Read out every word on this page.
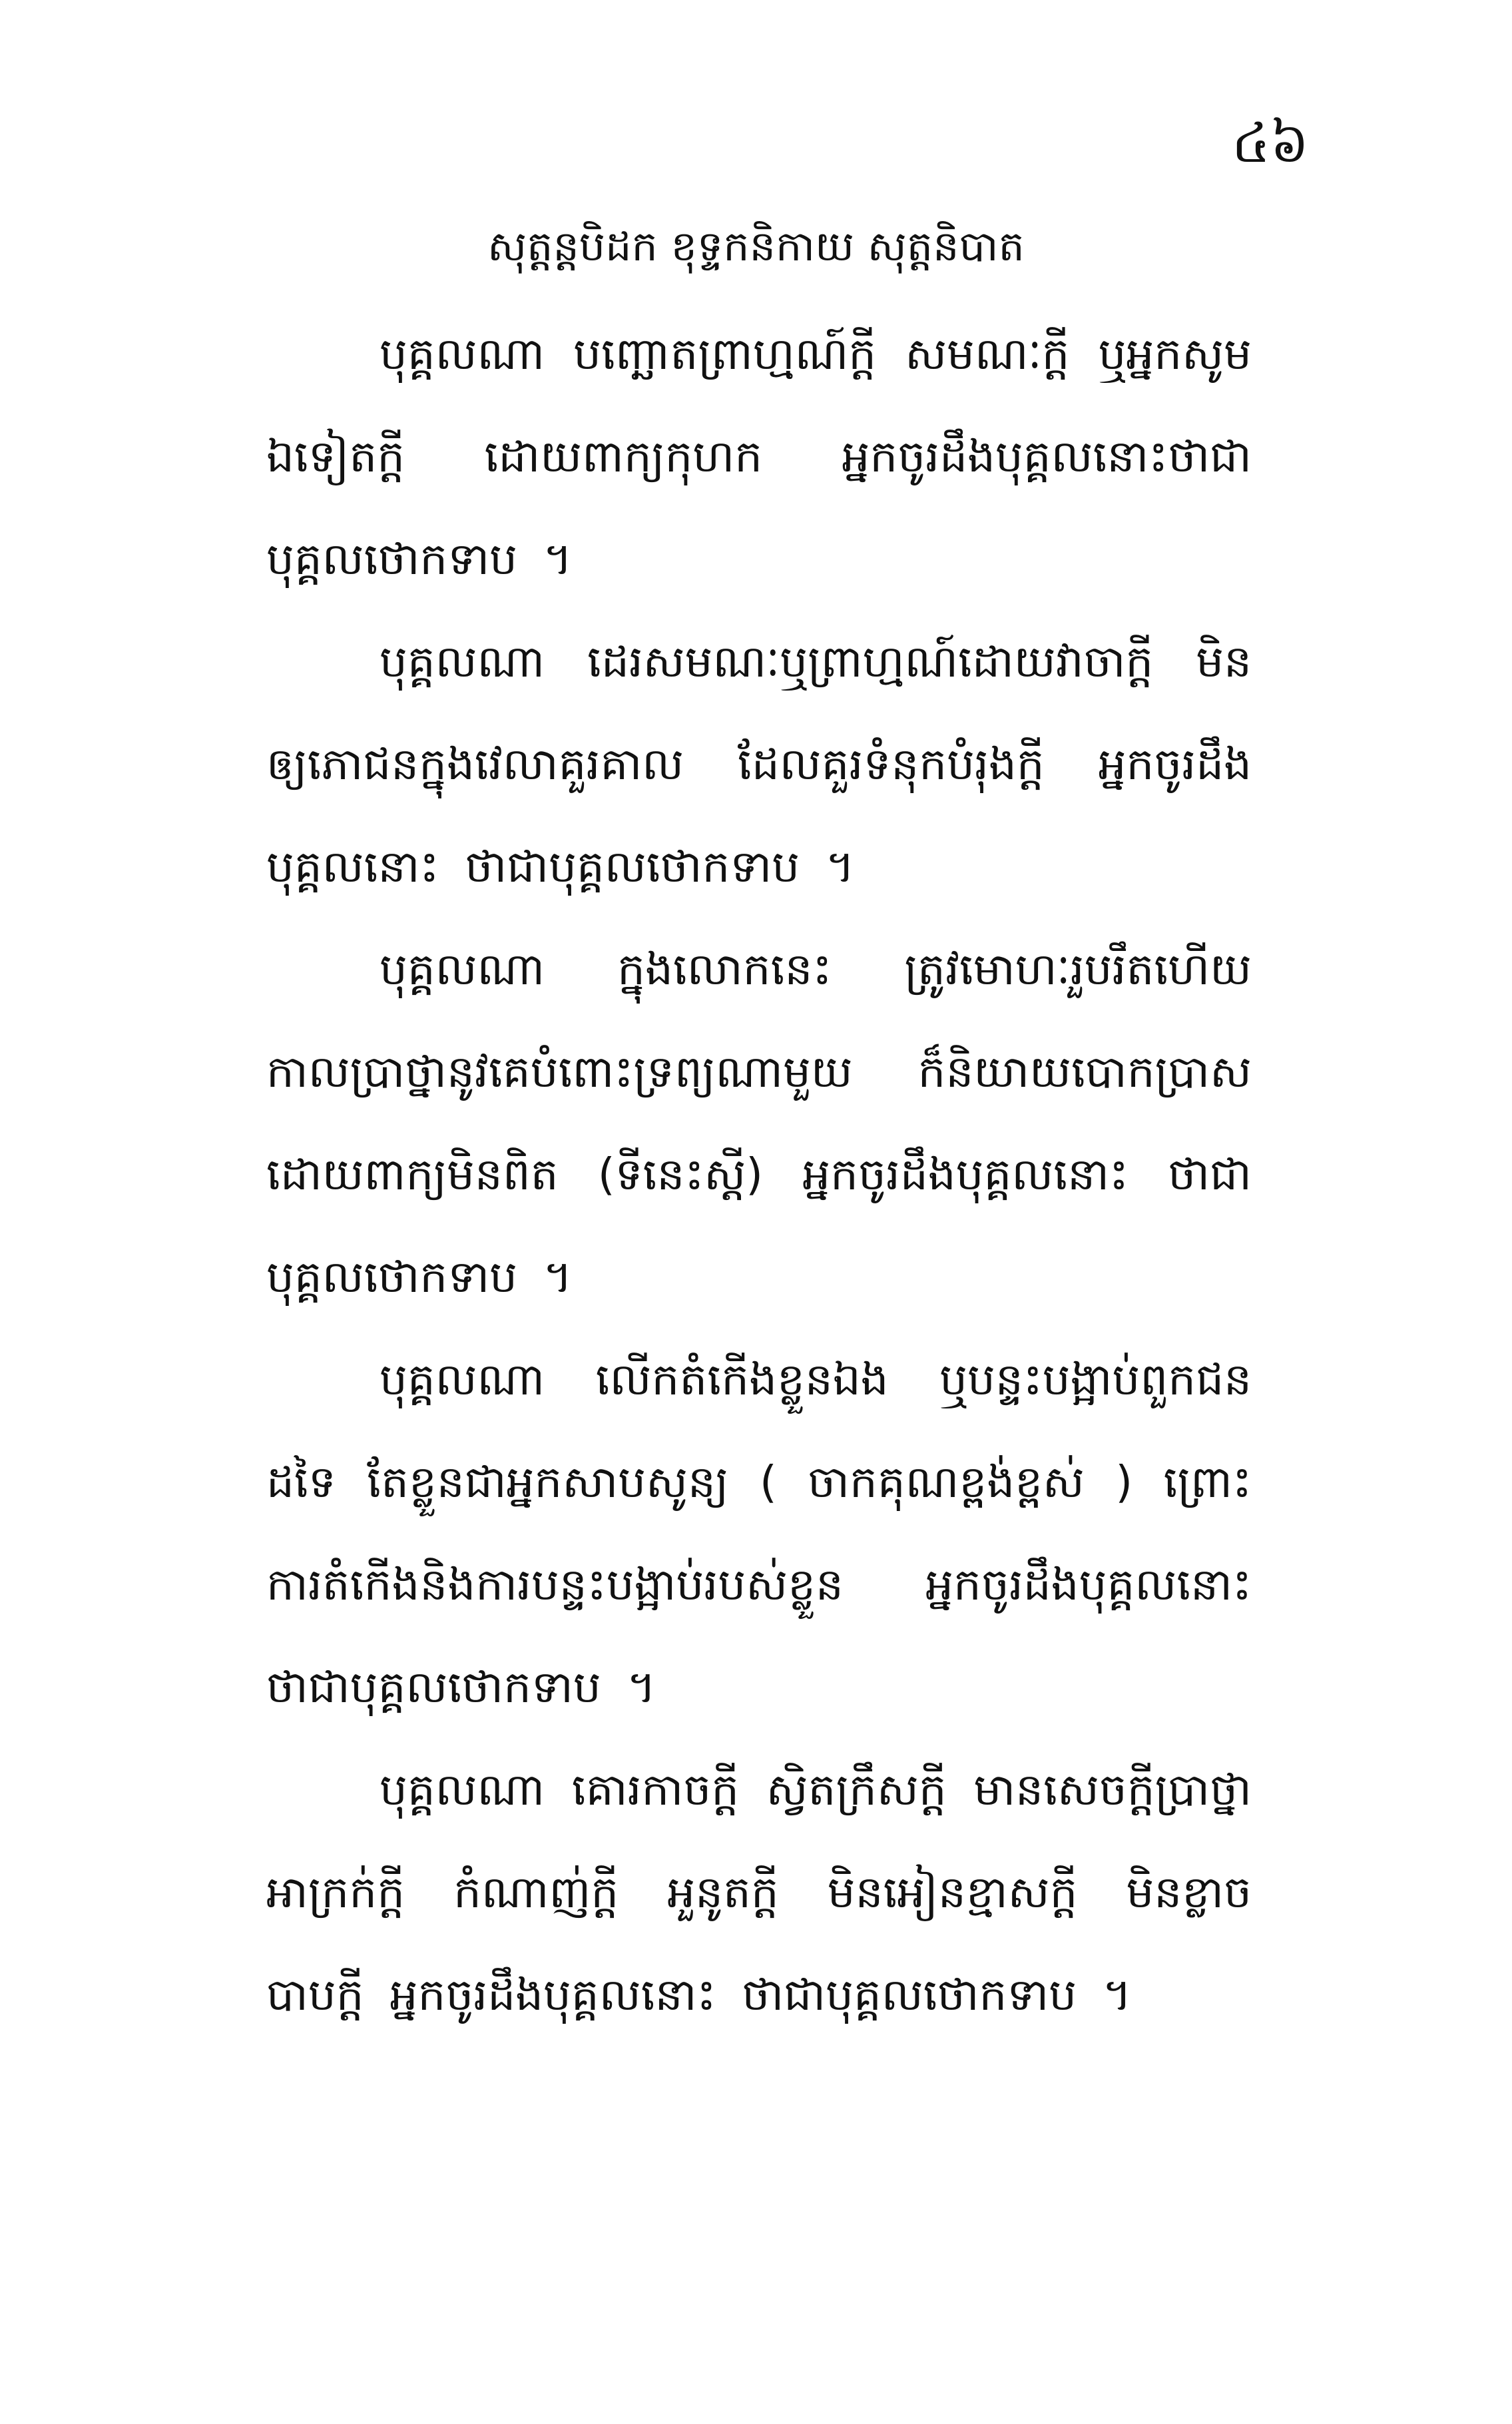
៤៦
សុត្តន្តបិដក ខុទ្ទកនិកាយ សុត្តនិបាត

បុគ្គលណា បញ្ឆោតព្រាហ្មណ៍ក្ដី សមណៈក្ដី ឬអ្នកសូមឯទៀតក្ដី ដោយពាក្យកុហក អ្នកចូរដឹងបុគ្គលនោះថាជាបុគ្គលថោកទាប ។

បុគ្គលណា ដេរសមណៈឬព្រាហ្មណ៍ដោយវាចាក្ដី មិនឲ្យភោជនក្នុងវេលាគួរគាល ដែលគួរទំនុកបំរុងក្ដី អ្នកចូរដឹងបុគ្គលនោះ ថាជាបុគ្គលថោកទាប ។

បុគ្គលណា ក្នុងលោកនេះ ត្រូវមោហៈរួបរឹតហើយ កាលប្រាថ្នានូវគេបំពោះទ្រព្យណាមួយ ក៏និយាយបោកប្រាសដោយពាក្យមិនពិត (ទីនេះស្ដី) អ្នកចូរដឹងបុគ្គលនោះ ថាជាបុគ្គលថោកទាប ។

បុគ្គលណា លើកតំកើងខ្លួនឯង ឬបន្ទះបង្អាប់ពួកជនដទៃ តែខ្លួនជាអ្នកសាបសូន្យ ( ចាកគុណខ្ពង់ខ្ពស់ ) ព្រោះការតំកើងនិងការបន្ទះបង្អាប់របស់ខ្លួន អ្នកចូរដឹងបុគ្គលនោះ ថាជាបុគ្គលថោកទាប ។

បុគ្គលណា គោរកាចក្ដី ស្វិតក្រឹសក្ដី មានសេចក្ដីប្រាថ្នាអាក្រក់ក្ដី កំណាញ់ក្ដី អួនូតក្ដី មិនអៀនខ្មាសក្ដី មិនខ្លាចបាបក្ដី អ្នកចូរដឹងបុគ្គលនោះ ថាជាបុគ្គលថោកទាប ។
